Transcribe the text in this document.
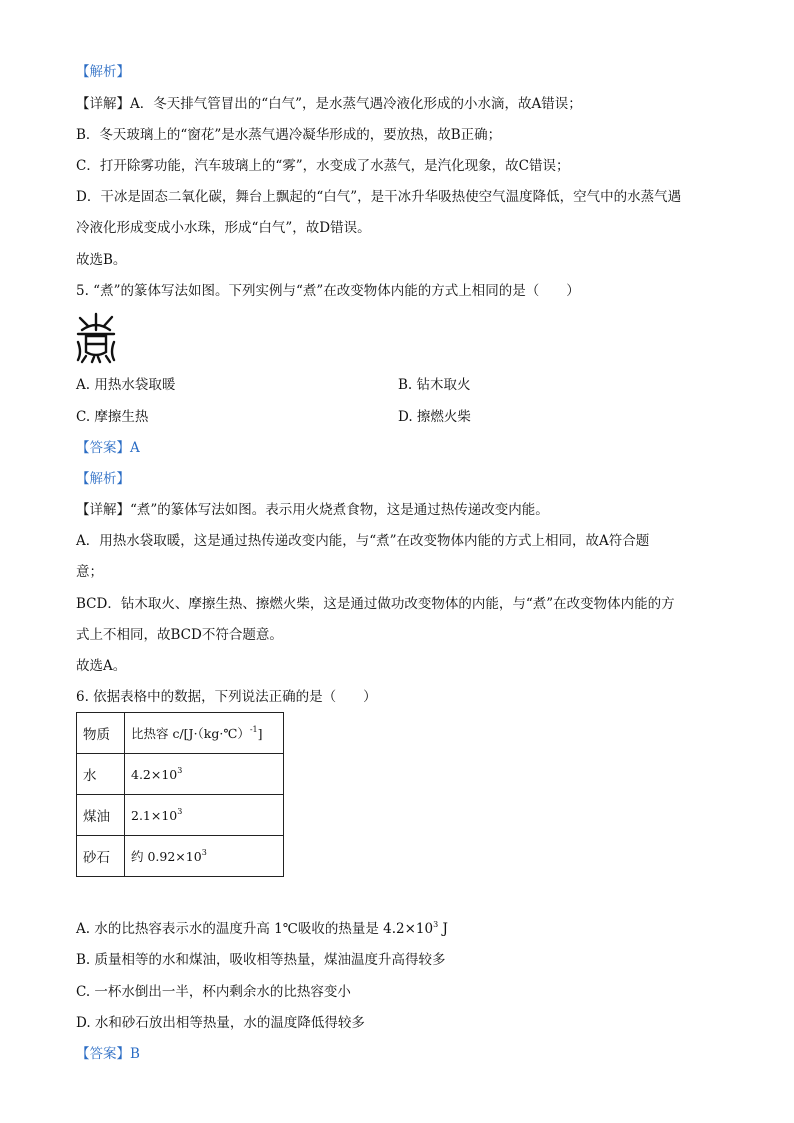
【解析】
【详解】A．冬天排气管冒出的“白气”，是水蒸气遇冷液化形成的小水滴，故A错误；
B．冬天玻璃上的“窗花”是水蒸气遇冷凝华形成的，要放热，故B正确；
C．打开除雾功能，汽车玻璃上的“雾”，水变成了水蒸气，是汽化现象，故C错误；
D．干冰是固态二氧化碳，舞台上飘起的“白气”，是干冰升华吸热使空气温度降低，空气中的水蒸气遇
冷液化形成变成小水珠，形成“白气”，故D错误。
故选B。
5. “煮”的篆体写法如图。下列实例与“煮”在改变物体内能的方式上相同的是（　　）
A. 用热水袋取暖	B. 钻木取火
C. 摩擦生热	D. 擦燃火柴
【答案】A
【解析】
【详解】“煮”的篆体写法如图。表示用火烧煮食物，这是通过热传递改变内能。
A．用热水袋取暖，这是通过热传递改变内能，与“煮”在改变物体内能的方式上相同，故A符合题
意；
BCD．钻木取火、摩擦生热、擦燃火柴，这是通过做功改变物体的内能，与“煮”在改变物体内能的方
式上不相同，故BCD不符合题意。
故选A。
6. 依据表格中的数据，下列说法正确的是（　　）
物质	比热容 c/[J·（kg·℃）$^{-1}$]
水	$4.2\times 10^3$
煤油	$2.1\times 10^3$
砂石	约 $0.92\times 10^3$
A. 水的比热容表示水的温度升高 1℃吸收的热量是 $4.2\times 10^3$ J
B. 质量相等的水和煤油，吸收相等热量，煤油温度升高得较多
C. 一杯水倒出一半，杯内剩余水的比热容变小
D. 水和砂石放出相等热量，水的温度降低得较多
【答案】B
